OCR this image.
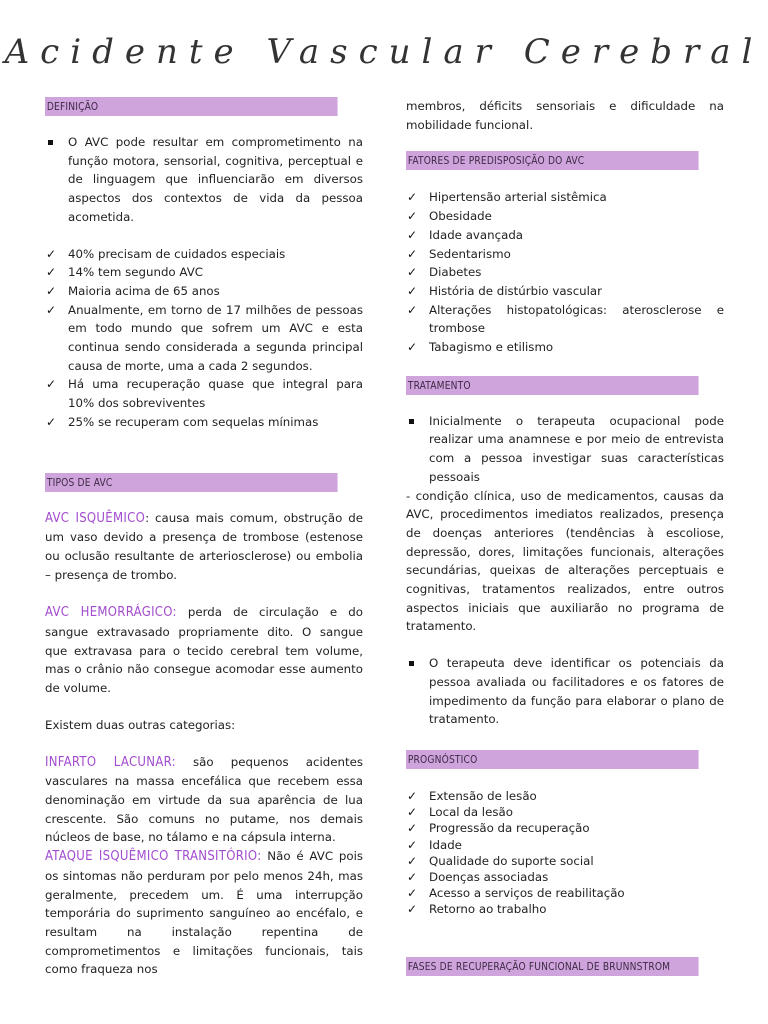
Acidente Vascular Cerebral
DEFINIÇÃO
O AVC pode resultar em comprometimento na função motora, sensorial, cognitiva, perceptual e de linguagem que influenciarão em diversos aspectos dos contextos de vida da pessoa acometida.
✓ 40% precisam de cuidados especiais
✓ 14% tem segundo AVC
✓ Maioria acima de 65 anos
✓ Anualmente, em torno de 17 milhões de pessoas em todo mundo que sofrem um AVC e esta continua sendo considerada a segunda principal causa de morte, uma a cada 2 segundos.
✓ Há uma recuperação quase que integral para 10% dos sobreviventes
✓ 25% se recuperam com sequelas mínimas
TIPOS DE AVC

AVC ISQUÊMICO: causa mais comum, obstrução de um vaso devido a presença de trombose (estenose ou oclusão resultante de arteriosclerose) ou embolia – presença de trombo.

AVC HEMORRÁGICO: perda de circulação e do sangue extravasado propriamente dito. O sangue que extravasa para o tecido cerebral tem volume, mas o crânio não consegue acomodar esse aumento de volume.

Existem duas outras categorias:

INFARTO LACUNAR: são pequenos acidentes vasculares na massa encefálica que recebem essa denominação em virtude da sua aparência de lua crescente. São comuns no putame, nos demais núcleos de base, no tálamo e na cápsula interna.

ATAQUE ISQUÊMICO TRANSITÓRIO: Não é AVC pois os sintomas não perduram por pelo menos 24h, mas geralmente, precedem um. É uma interrupção temporária do suprimento sanguíneo ao encéfalo, e resultam na instalação repentina de comprometimentos e limitações funcionais, tais como fraqueza nos

membros, déficits sensoriais e dificuldade na mobilidade funcional.

FATORES DE PREDISPOSIÇÃO DO AVC
✓ Hipertensão arterial sistêmica
✓ Obesidade
✓ Idade avançada
✓ Sedentarismo
✓ Diabetes
✓ História de distúrbio vascular
✓ Alterações histopatológicas: aterosclerose e trombose
✓ Tabagismo e etilismo
TRATAMENTO
Inicialmente o terapeuta ocupacional pode realizar uma anamnese e por meio de entrevista com a pessoa investigar suas características pessoais

- condição clínica, uso de medicamentos, causas da AVC, procedimentos imediatos realizados, presença de doenças anteriores (tendências à escoliose, depressão, dores, limitações funcionais, alterações secundárias, queixas de alterações perceptuais e cognitivas, tratamentos realizados, entre outros aspectos iniciais que auxiliarão no programa de tratamento.

O terapeuta deve identificar os potenciais da pessoa avaliada ou facilitadores e os fatores de impedimento da função para elaborar o plano de tratamento.
PROGNÓSTICO
✓ Extensão de lesão
✓ Local da lesão
✓ Progressão da recuperação
✓ Idade
✓ Qualidade do suporte social
✓ Doenças associadas
✓ Acesso a serviços de reabilitação
✓ Retorno ao trabalho
FASES DE RECUPERAÇÃO FUNCIONAL DE BRUNNSTROM
